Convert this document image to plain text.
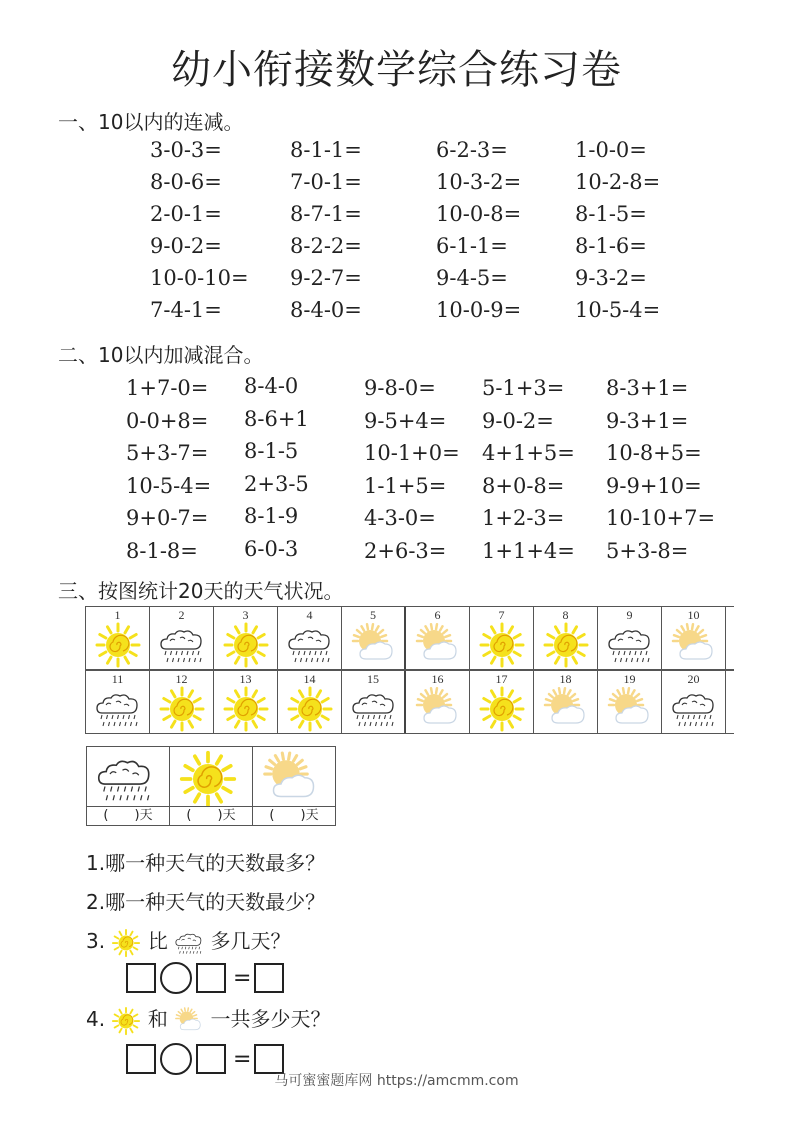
幼小衔接数学综合练习卷
一、10以内的连减。
3-0-3=	8-1-1=	6-2-3=	1-0-0=
8-0-6=	7-0-1=	10-3-2=	10-2-8=
2-0-1=	8-7-1=	10-0-8=	8-1-5=
9-0-2=	8-2-2=	6-1-1=	8-1-6=
10-0-10= 9-2-7=	9-4-5=	9-3-2=
7-4-1=	8-4-0=	10-0-9=	10-5-4=
二、10以内加减混合。
1+7-0= 8-4-0	9-8-0= 5-1+3= 8-3+1=
0-0+8= 8-6+1	9-5+4= 9-0-2= 9-3+1=
5+3-7= 8-1-5	10-1+0= 4+1+5= 10-8+5=
10-5-4= 2+3-5	1-1+5= 8+0-8= 9-9+10=
9+0-7= 8-1-9	4-3-0= 1+2-3= 10-10+7=
8-1-8= 6-0-3	2+6-3= 1+1+4= 5+3-8=
三、按图统计20天的天气状况。
1	2	3	4	5	6	7	8	9	10
11	12	13	14	15	16	17	18	19	20
(　　)天	(　　)天	(　　)天
1.哪一种天气的天数最多？
2.哪一种天气的天数最少？
3. 比 多几天？
=
4. 和 一共多少天？
=
马可蜜蜜题库网 https://amcmm.com
